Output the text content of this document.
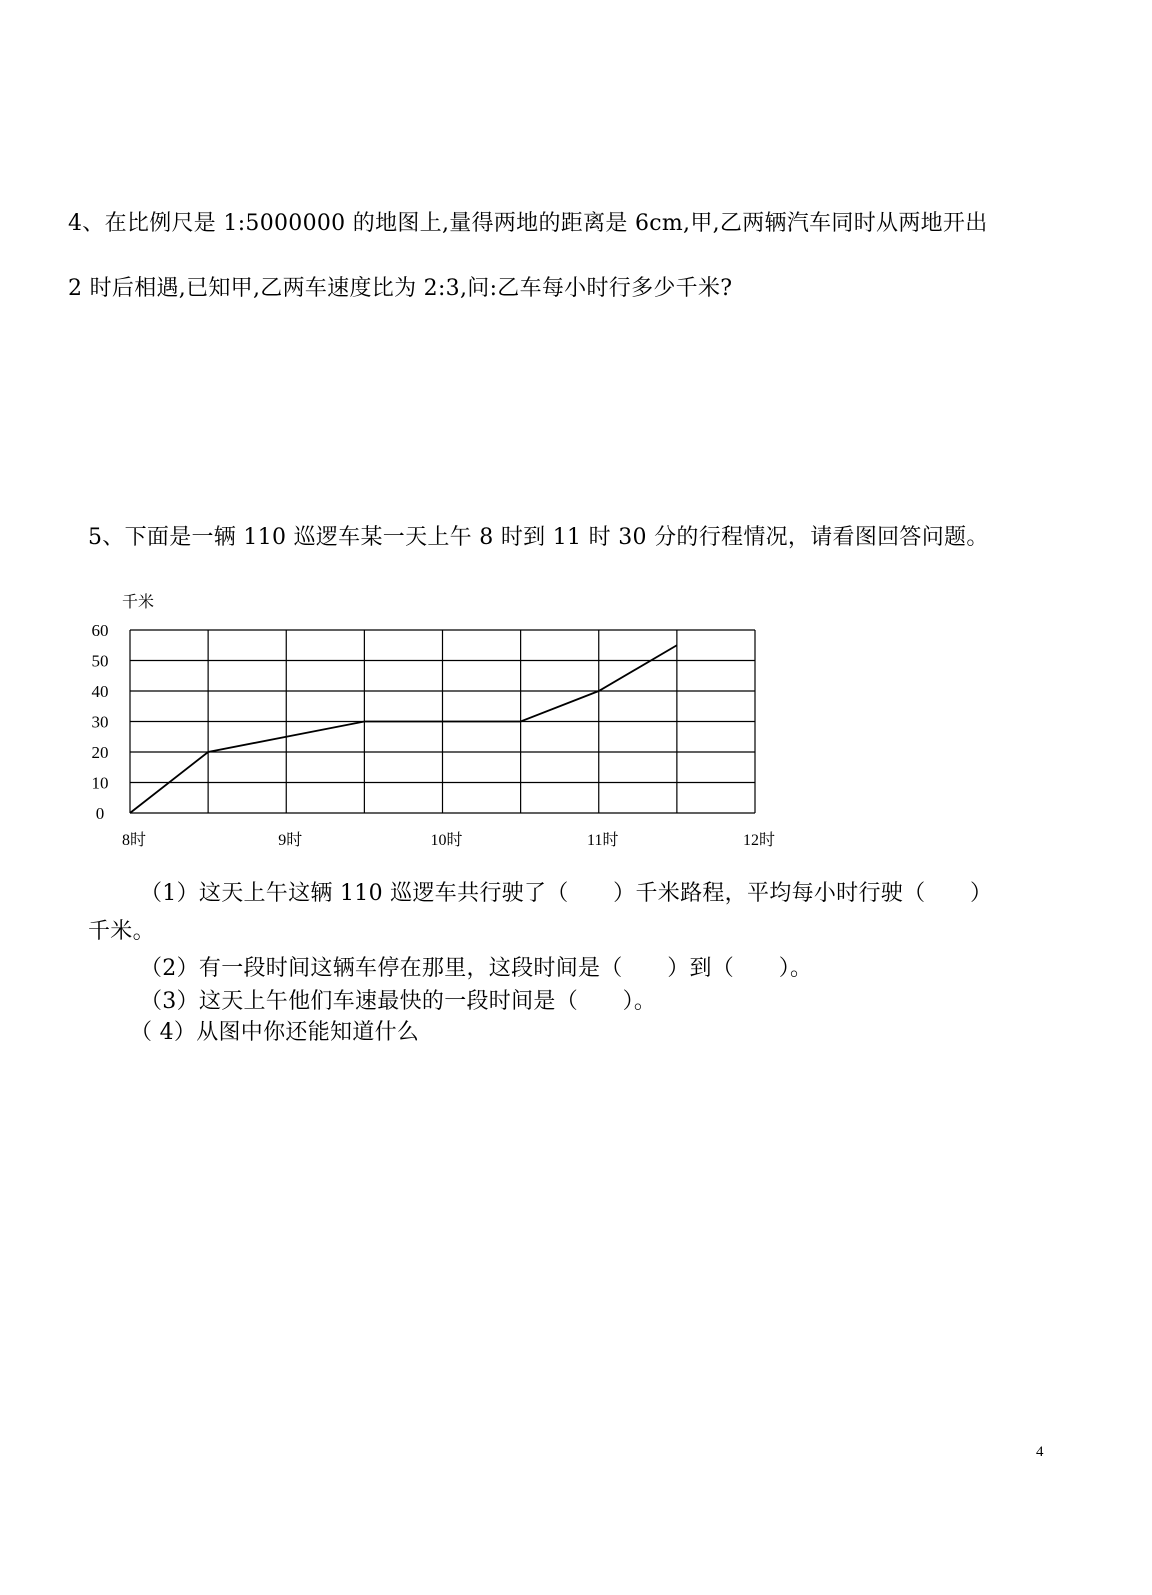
4、在比例尺是 1:5000000 的地图上,量得两地的距离是 6cm,甲,乙两辆汽车同时从两地开出
2 时后相遇,已知甲,乙两车速度比为 2:3,问:乙车每小时行多少千米?
5、下面是一辆 110 巡逻车某一天上午 8 时到 11 时 30 分的行程情况，请看图回答问题。
0
10
20
30
40
50
60
8时	9时	10时	11时	12时
千米
（1）这天上午这辆 110 巡逻车共行驶了（　　）千米路程，平均每小时行驶（　　）
千米。
（2）有一段时间这辆车停在那里，这段时间是（　　）到（　　）。
（3）这天上午他们车速最快的一段时间是（　　）。
（ 4）从图中你还能知道什么
4
